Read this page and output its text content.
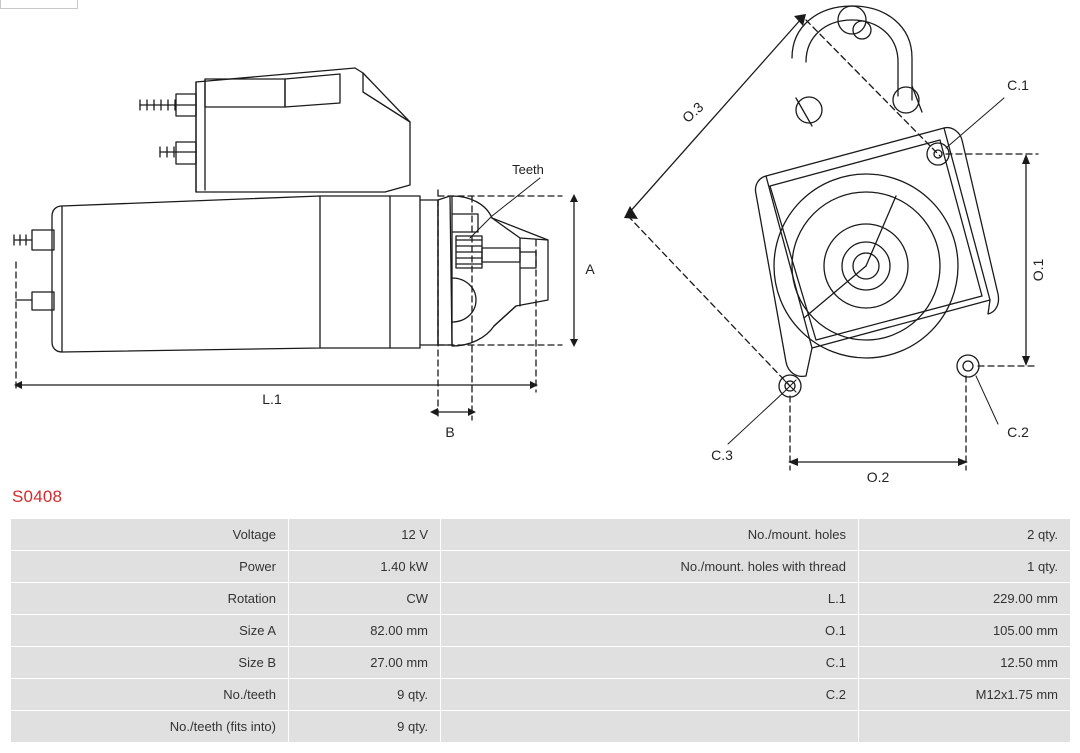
Teeth
A
B
L.1
O.1
O.2
O.3
C.1
C.2
C.3
S0408
Voltage	12 V	No./mount. holes	2 qty.
Power	1.40 kW	No./mount. holes with thread	1 qty.
Rotation	CW	L.1	229.00 mm
Size A	82.00 mm	O.1	105.00 mm
Size B	27.00 mm	C.1	12.50 mm
No./teeth	9 qty.	C.2	M12x1.75 mm
No./teeth (fits into)	9 qty.		
